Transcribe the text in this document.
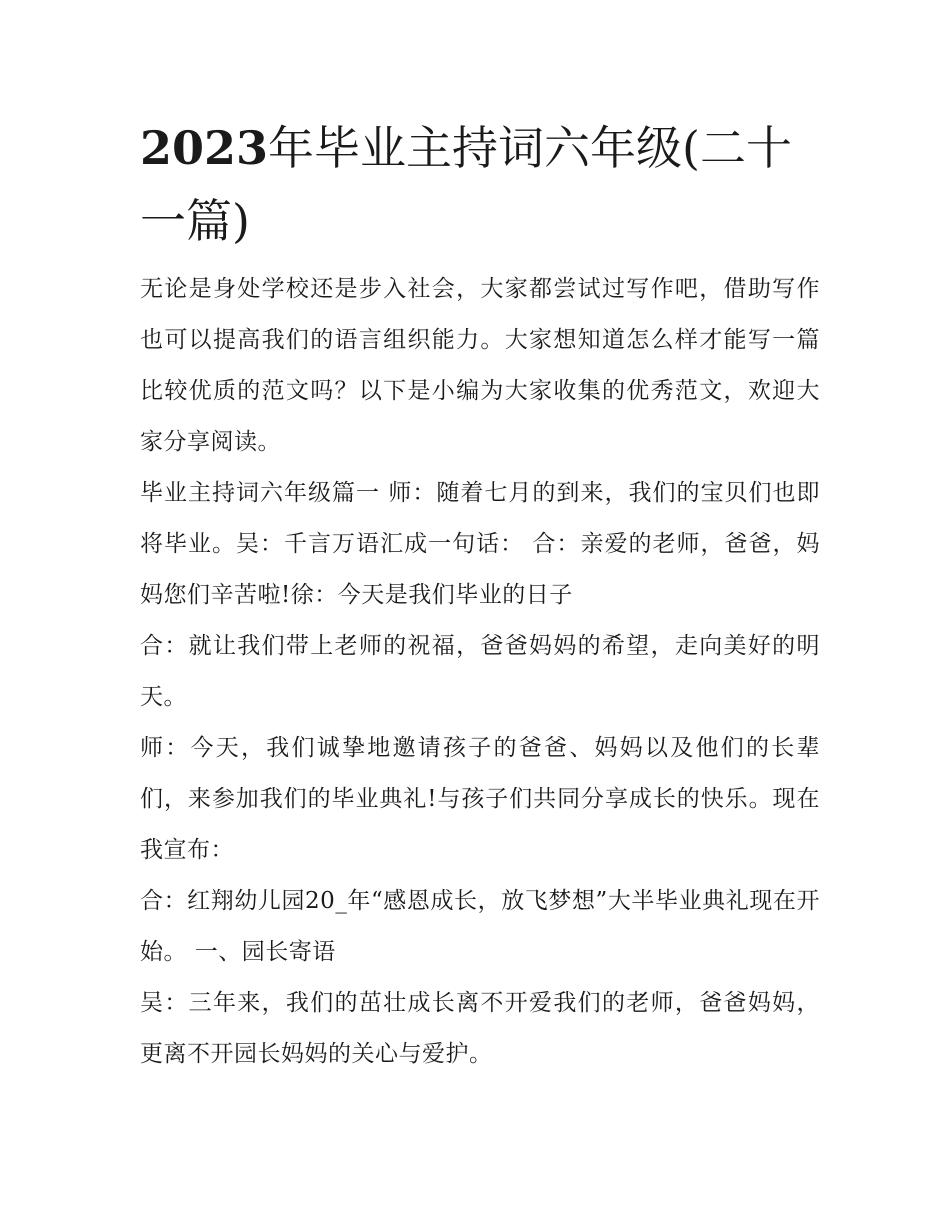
2023年毕业主持词六年级(二十一篇)

无论是身处学校还是步入社会，大家都尝试过写作吧，借助写作也可以提高我们的语言组织能力。大家想知道怎么样才能写一篇比较优质的范文吗？以下是小编为大家收集的优秀范文，欢迎大家分享阅读。

毕业主持词六年级篇一 师：随着七月的到来，我们的宝贝们也即将毕业。吴：千言万语汇成一句话： 合：亲爱的老师，爸爸，妈妈您们辛苦啦!徐：今天是我们毕业的日子

合：就让我们带上老师的祝福，爸爸妈妈的希望，走向美好的明天。

师：今天，我们诚挚地邀请孩子的爸爸、妈妈以及他们的长辈们，来参加我们的毕业典礼!与孩子们共同分享成长的快乐。现在我宣布：

合：红翔幼儿园20_年“感恩成长，放飞梦想”大半毕业典礼现在开始。 一、园长寄语

吴：三年来，我们的茁壮成长离不开爱我们的老师，爸爸妈妈，更离不开园长妈妈的关心与爱护。
